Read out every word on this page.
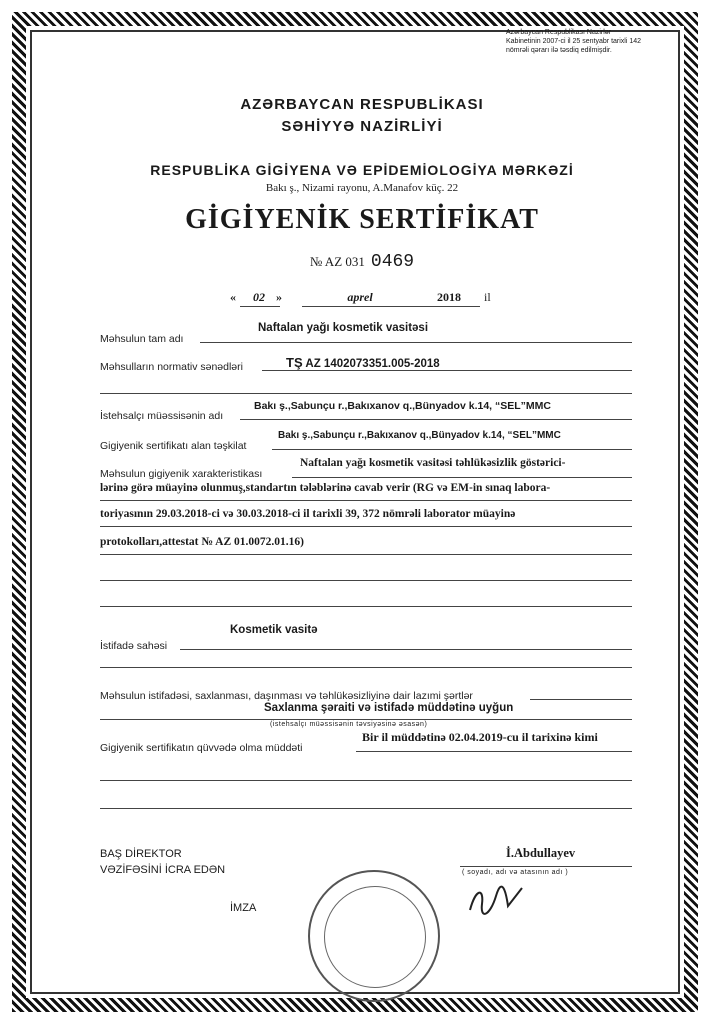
Azərbaycan Respublikası Nazirlər Kabinetinin 2007-ci il 25 sentyabr tarixli 142 nömrəli qərarı ilə təsdiq edilmişdir.
AZƏRBAYCAN RESPUBLİKASI
SƏHİYYƏ NAZİRLİYİ
RESPUBLİKA GİGİYENA VƏ EPİDEMİOLOGİYA MƏRKƏZİ
Bakı ş., Nizami rayonu, A.Manafov küç. 22
GİGİYENİK SERTİFİKAT
№ AZ 031 0469
«	02 »	aprel	2018	il
Məhsulun tam adı
Naftalan yağı kosmetik vasitəsi
Məhsulların normativ sənədləri	TŞ AZ 1402073351.005-2018
İstehsalçı müəssisənin adı
Bakı ş.,Sabunçu r.,Bakıxanov q.,Bünyadov k.14, “SEL”MMC
Gigiyenik sertifikatı alan təşkilat
Bakı ş.,Sabunçu r.,Bakıxanov q.,Bünyadov k.14, “SEL”MMC
Məhsulun gigiyenik xarakteristikası
Naftalan yağı kosmetik vasitəsi təhlükəsizlik göstərici-
lərinə görə müayinə olunmuş,standartın tələblərinə cavab verir (RG və EM-in sınaq labora-
toriyasının 29.03.2018-ci və 30.03.2018-ci il tarixli 39, 372 nömrəli laborator müayinə
protokolları,attestat № AZ 01.0072.01.16)
İstifadə sahəsi
Kosmetik vasitə
Məhsulun istifadəsi, saxlanması, daşınması və təhlükəsizliyinə dair lazımi şərtlər
Saxlanma şəraiti və istifadə müddətinə uyğun
(istehsalçı müəssisənin təvsiyəsinə əsasən)
Gigiyenik sertifikatın qüvvədə olma müddəti
Bir il müddətinə 02.04.2019-cu il tarixinə kimi
BAŞ DİREKTOR
VƏZİFƏSİNİ İCRA EDƏN
İ.Abdullayev
( soyadı, adı və atasının adı )
İMZA
